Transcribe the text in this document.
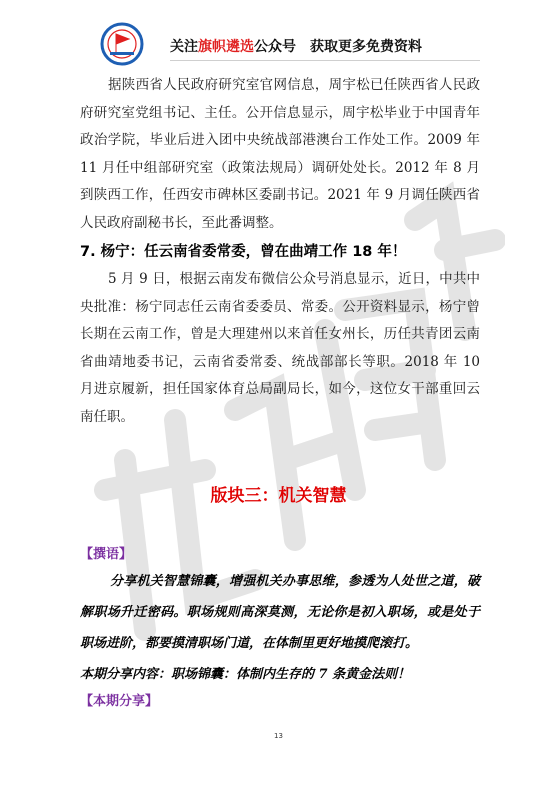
关注旗帜遴选公众号　获取更多免费资料

据陕西省人民政府研究室官网信息，周宇松已任陕西省人民政府研究室党组书记、主任。公开信息显示，周宇松毕业于中国青年政治学院，毕业后进入团中央统战部港澳台工作处工作。2009 年 11 月任中组部研究室（政策法规局）调研处处长。2012 年 8 月到陕西工作，任西安市碑林区委副书记。2021 年 9 月调任陕西省人民政府副秘书长，至此番调整。

7. 杨宁：任云南省委常委，曾在曲靖工作 18 年！

5 月 9 日，根据云南发布微信公众号消息显示，近日，中共中央批准：杨宁同志任云南省委委员、常委。公开资料显示，杨宁曾长期在云南工作，曾是大理建州以来首任女州长，历任共青团云南省曲靖地委书记，云南省委常委、统战部部长等职。2018 年 10 月进京履新，担任国家体育总局副局长，如今，这位女干部重回云南任职。

版块三：机关智慧
【撰语】

分享机关智慧锦囊，增强机关办事思维，参透为人处世之道，破解职场升迁密码。职场规则高深莫测，无论你是初入职场，或是处于职场进阶，都要摸清职场门道，在体制里更好地摸爬滚打。

本期分享内容：职场锦囊：体制内生存的 7 条黄金法则！

【本期分享】
13
